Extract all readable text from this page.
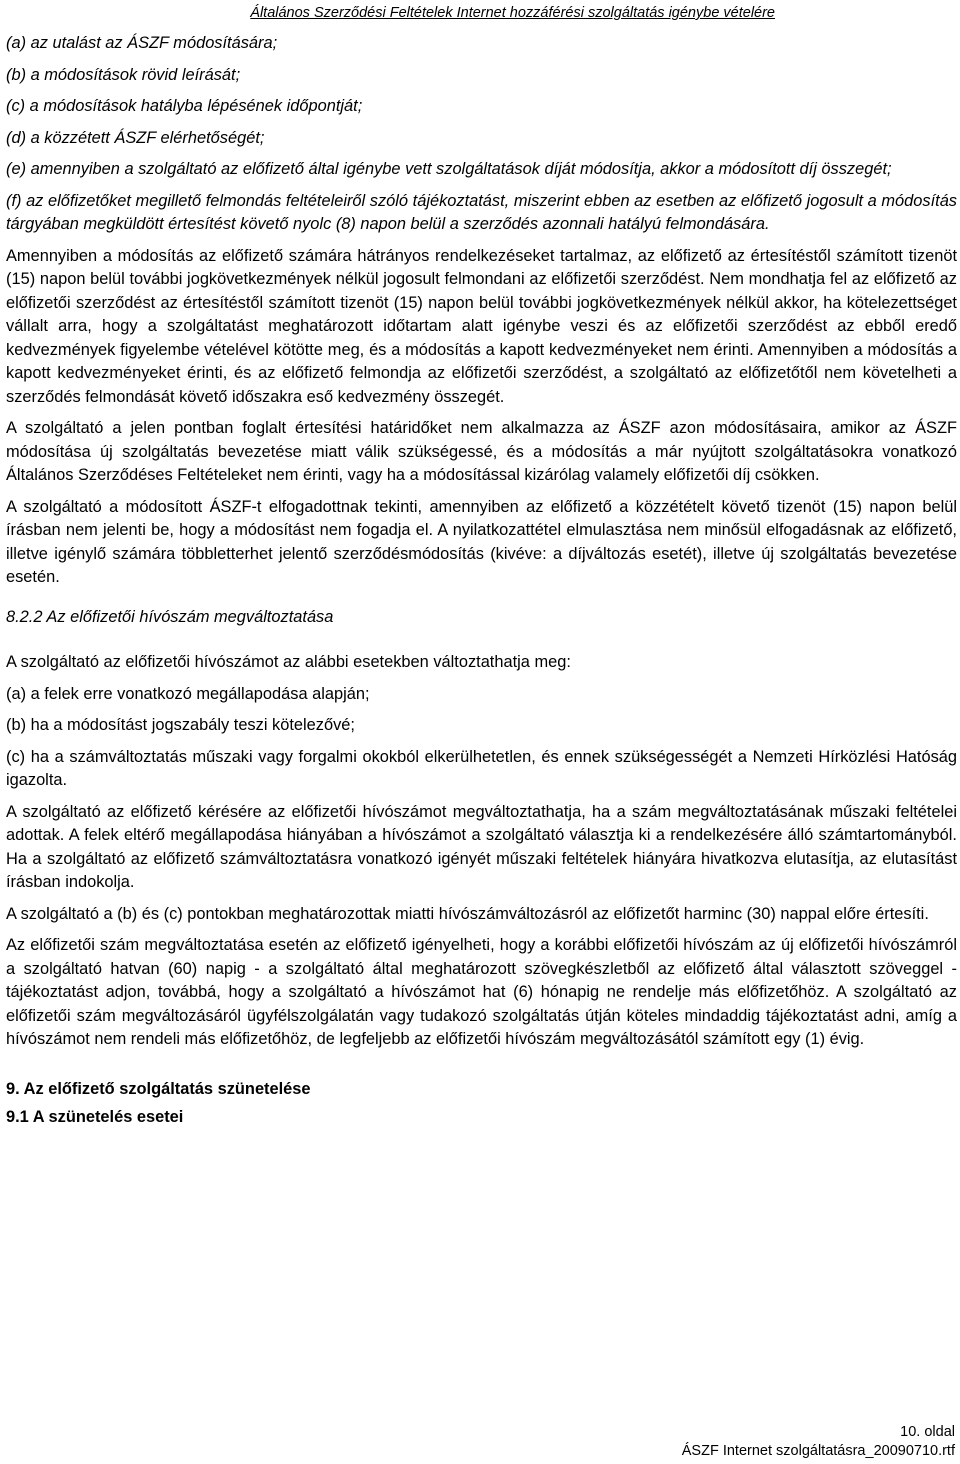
Általános Szerződési Feltételek Internet hozzáférési szolgáltatás igénybe vételére

(a) az utalást az ÁSZF módosítására;

(b) a módosítások rövid leírását;

(c) a módosítások hatályba lépésének időpontját;

(d) a közzétett ÁSZF elérhetőségét;

(e) amennyiben a szolgáltató az előfizető által igénybe vett szolgáltatások díját módosítja, akkor a módosított díj összegét;

(f) az előfizetőket megillető felmondás feltételeiről szóló tájékoztatást, miszerint ebben az esetben az előfizető jogosult a módosítás tárgyában megküldött értesítést követő nyolc (8) napon belül a szerződés azonnali hatályú felmondására.

Amennyiben a módosítás az előfizető számára hátrányos rendelkezéseket tartalmaz, az előfizető az értesítéstől számított tizenöt (15) napon belül további jogkövetkezmények nélkül jogosult felmondani az előfizetői szerződést. Nem mondhatja fel az előfizető az előfizetői szerződést az értesítéstől számított tizenöt (15) napon belül további jogkövetkezmények nélkül akkor, ha kötelezettséget vállalt arra, hogy a szolgáltatást meghatározott időtartam alatt igénybe veszi és az előfizetői szerződést az ebből eredő kedvezmények figyelembe vételével kötötte meg, és a módosítás a kapott kedvezményeket nem érinti. Amennyiben a módosítás a kapott kedvezményeket érinti, és az előfizető felmondja az előfizetői szerződést, a szolgáltató az előfizetőtől nem követelheti a szerződés felmondását követő időszakra eső kedvezmény összegét.

A szolgáltató a jelen pontban foglalt értesítési határidőket nem alkalmazza az ÁSZF azon módosításaira, amikor az ÁSZF módosítása új szolgáltatás bevezetése miatt válik szükségessé, és a módosítás a már nyújtott szolgáltatásokra vonatkozó Általános Szerződéses Feltételeket nem érinti, vagy ha a módosítással kizárólag valamely előfizetői díj csökken.

A szolgáltató a módosított ÁSZF-t elfogadottnak tekinti, amennyiben az előfizető a közzétételt követő tizenöt (15) napon belül írásban nem jelenti be, hogy a módosítást nem fogadja el. A nyilatkozattétel elmulasztása nem minősül elfogadásnak az előfizető, illetve igénylő számára többletterhet jelentő szerződésmódosítás (kivéve: a díjváltozás esetét), illetve új szolgáltatás bevezetése esetén.

8.2.2 Az előfizetői hívószám megváltoztatása

A szolgáltató az előfizetői hívószámot az alábbi esetekben változtathatja meg:

(a) a felek erre vonatkozó megállapodása alapján;

(b) ha a módosítást jogszabály teszi kötelezővé;

(c) ha a számváltoztatás műszaki vagy forgalmi okokból elkerülhetetlen, és ennek szükségességét a Nemzeti Hírközlési Hatóság igazolta.

A szolgáltató az előfizető kérésére az előfizetői hívószámot megváltoztathatja, ha a szám megváltoztatásának műszaki feltételei adottak. A felek eltérő megállapodása hiányában a hívószámot a szolgáltató választja ki a rendelkezésére álló számtartományból. Ha a szolgáltató az előfizető számváltoztatásra vonatkozó igényét műszaki feltételek hiányára hivatkozva elutasítja, az elutasítást írásban indokolja.

A szolgáltató a (b) és (c) pontokban meghatározottak miatti hívószámváltozásról az előfizetőt harminc (30) nappal előre értesíti.

Az előfizetői szám megváltoztatása esetén az előfizető igényelheti, hogy a korábbi előfizetői hívószám az új előfizetői hívószámról a szolgáltató hatvan (60) napig - a szolgáltató által meghatározott szövegkészletből az előfizető által választott szöveggel - tájékoztatást adjon, továbbá, hogy a szolgáltató a hívószámot hat (6) hónapig ne rendelje más előfizetőhöz. A szolgáltató az előfizetői szám megváltozásáról ügyfélszolgálatán vagy tudakozó szolgáltatás útján köteles mindaddig tájékoztatást adni, amíg a hívószámot nem rendeli más előfizetőhöz, de legfeljebb az előfizetői hívószám megváltozásától számított egy (1) évig.

9. Az előfizető szolgáltatás szünetelése

9.1 A szünetelés esetei

10. oldal
ÁSZF Internet szolgáltatásra_20090710.rtf
